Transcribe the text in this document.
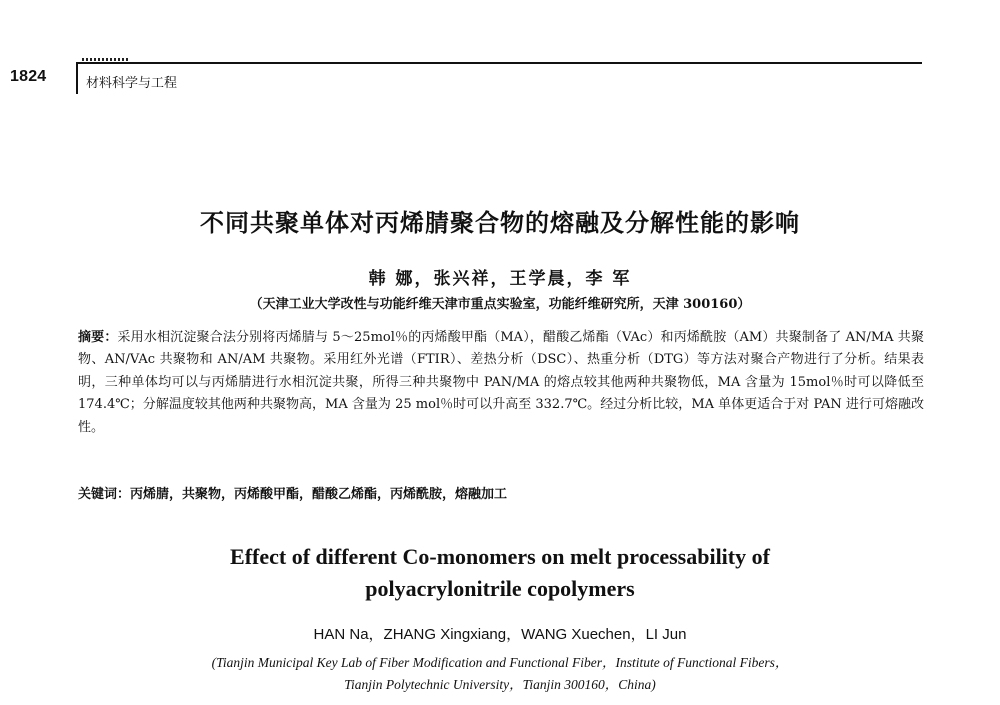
1824	材料科学与工程
不同共聚单体对丙烯腈聚合物的熔融及分解性能的影响
韩 娜，张兴祥，王学晨，李 军
（天津工业大学改性与功能纤维天津市重点实验室，功能纤维研究所，天津 300160）
摘要：采用水相沉淀聚合法分别将丙烯腈与 5～25mol％的丙烯酸甲酯（MA），醋酸乙烯酯（VAc）和丙烯酰胺（AM）共聚制备了 AN/MA 共聚物、AN/VAc 共聚物和 AN/AM 共聚物。采用红外光谱（FTIR）、差热分析（DSC）、热重分析（DTG）等方法对聚合产物进行了分析。结果表明，三种单体均可以与丙烯腈进行水相沉淀共聚，所得三种共聚物中 PAN/MA 的熔点较其他两种共聚物低，MA 含量为 15mol％时可以降低至 174.4℃；分解温度较其他两种共聚物高，MA 含量为 25 mol％时可以升高至 332.7℃。经过分析比较，MA 单体更适合于对 PAN 进行可熔融改性。
关键词：丙烯腈，共聚物，丙烯酸甲酯，醋酸乙烯酯，丙烯酰胺，熔融加工
Effect of different Co-monomers on melt processability of
polyacrylonitrile copolymers
HAN Na，ZHANG Xingxiang，WANG Xuechen，LI Jun
(Tianjin Municipal Key Lab of Fiber Modification and Functional Fiber，Institute of Functional Fibers，
Tianjin Polytechnic University，Tianjin 300160，China)
